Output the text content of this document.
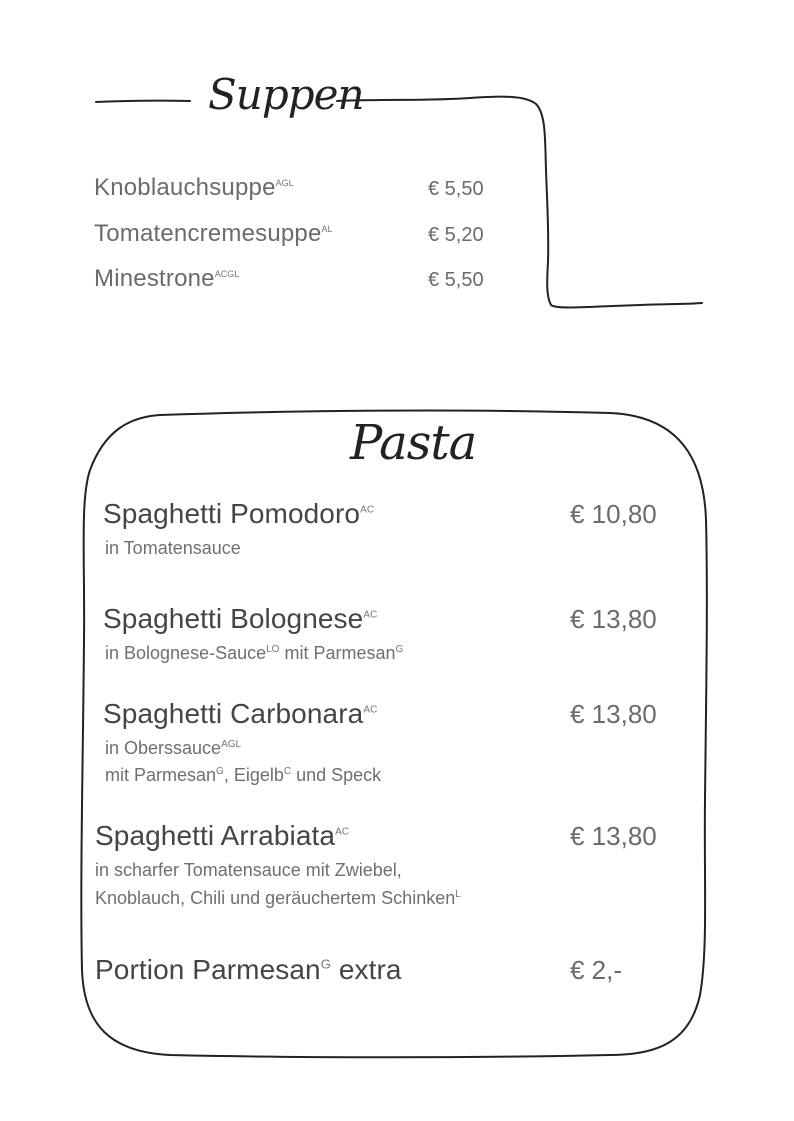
Suppen
Knoblauchsuppe$^{AGL}$	€ 5,50
Tomatencremesuppe$^{AL}$	€ 5,20
Minestrone$^{ACGL}$	€ 5,50
Pasta
Spaghetti Pomodoro$^{AC}$	€ 10,80
in Tomatensauce
Spaghetti Bolognese$^{AC}$	€ 13,80
in Bolognese-Sauce$^{LO}$ mit Parmesan$^G$
Spaghetti Carbonara$^{AC}$	€ 13,80
in Oberssauce$^{AGL}$
mit Parmesan$^G$, Eigelb$^C$ und Speck
Spaghetti Arrabiata$^{AC}$	€ 13,80
in scharfer Tomatensauce mit Zwiebel,
Knoblauch, Chili und geräuchertem Schinken$^L$
Portion Parmesan$^G$ extra	€ 2,-
